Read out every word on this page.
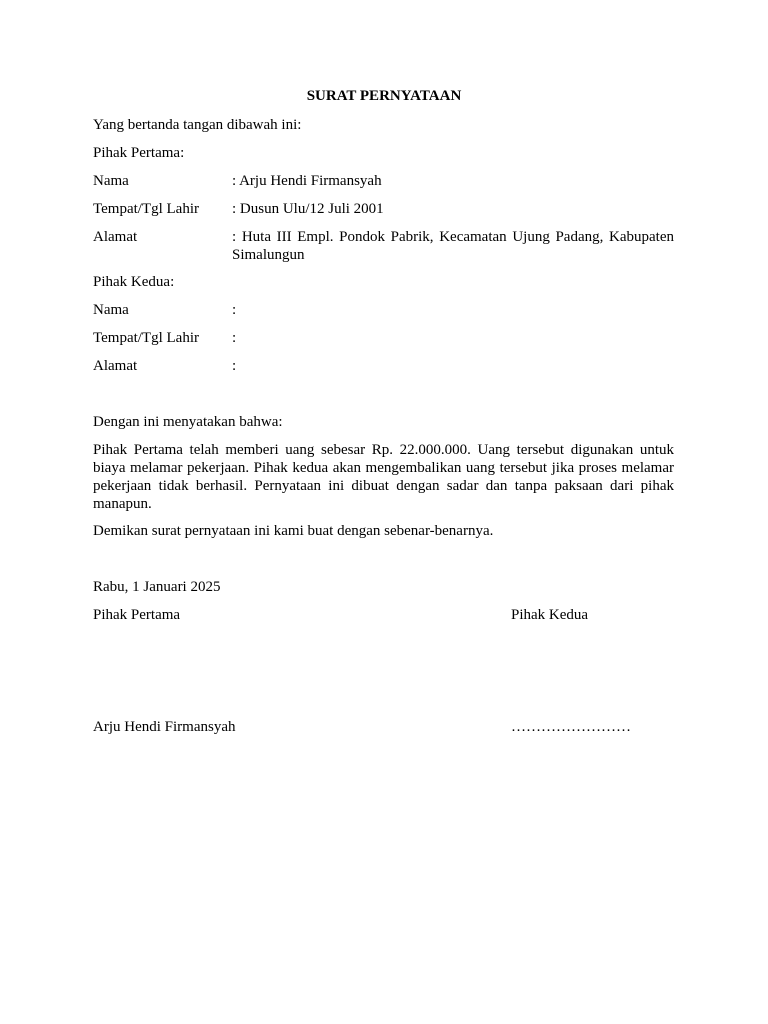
SURAT PERNYATAAN
Yang bertanda tangan dibawah ini:
Pihak Pertama:
Nama	: Arju Hendi Firmansyah
Tempat/Tgl Lahir : Dusun Ulu/12 Juli 2001
Alamat	: Huta III Empl. Pondok Pabrik, Kecamatan Ujung Padang, Kabupaten Simalungun
Pihak Kedua:
Nama	:
Tempat/Tgl Lahir :
Alamat	:
Dengan ini menyatakan bahwa:
Pihak Pertama telah memberi uang sebesar Rp. 22.000.000. Uang tersebut digunakan untuk biaya melamar pekerjaan. Pihak kedua akan mengembalikan uang tersebut jika proses melamar pekerjaan tidak berhasil. Pernyataan ini dibuat dengan sadar dan tanpa paksaan dari pihak manapun.
Demikan surat pernyataan ini kami buat dengan sebenar-benarnya.
Rabu, 1 Januari 2025
Pihak Pertama	Pihak Kedua
Arju Hendi Firmansyah	……………………
